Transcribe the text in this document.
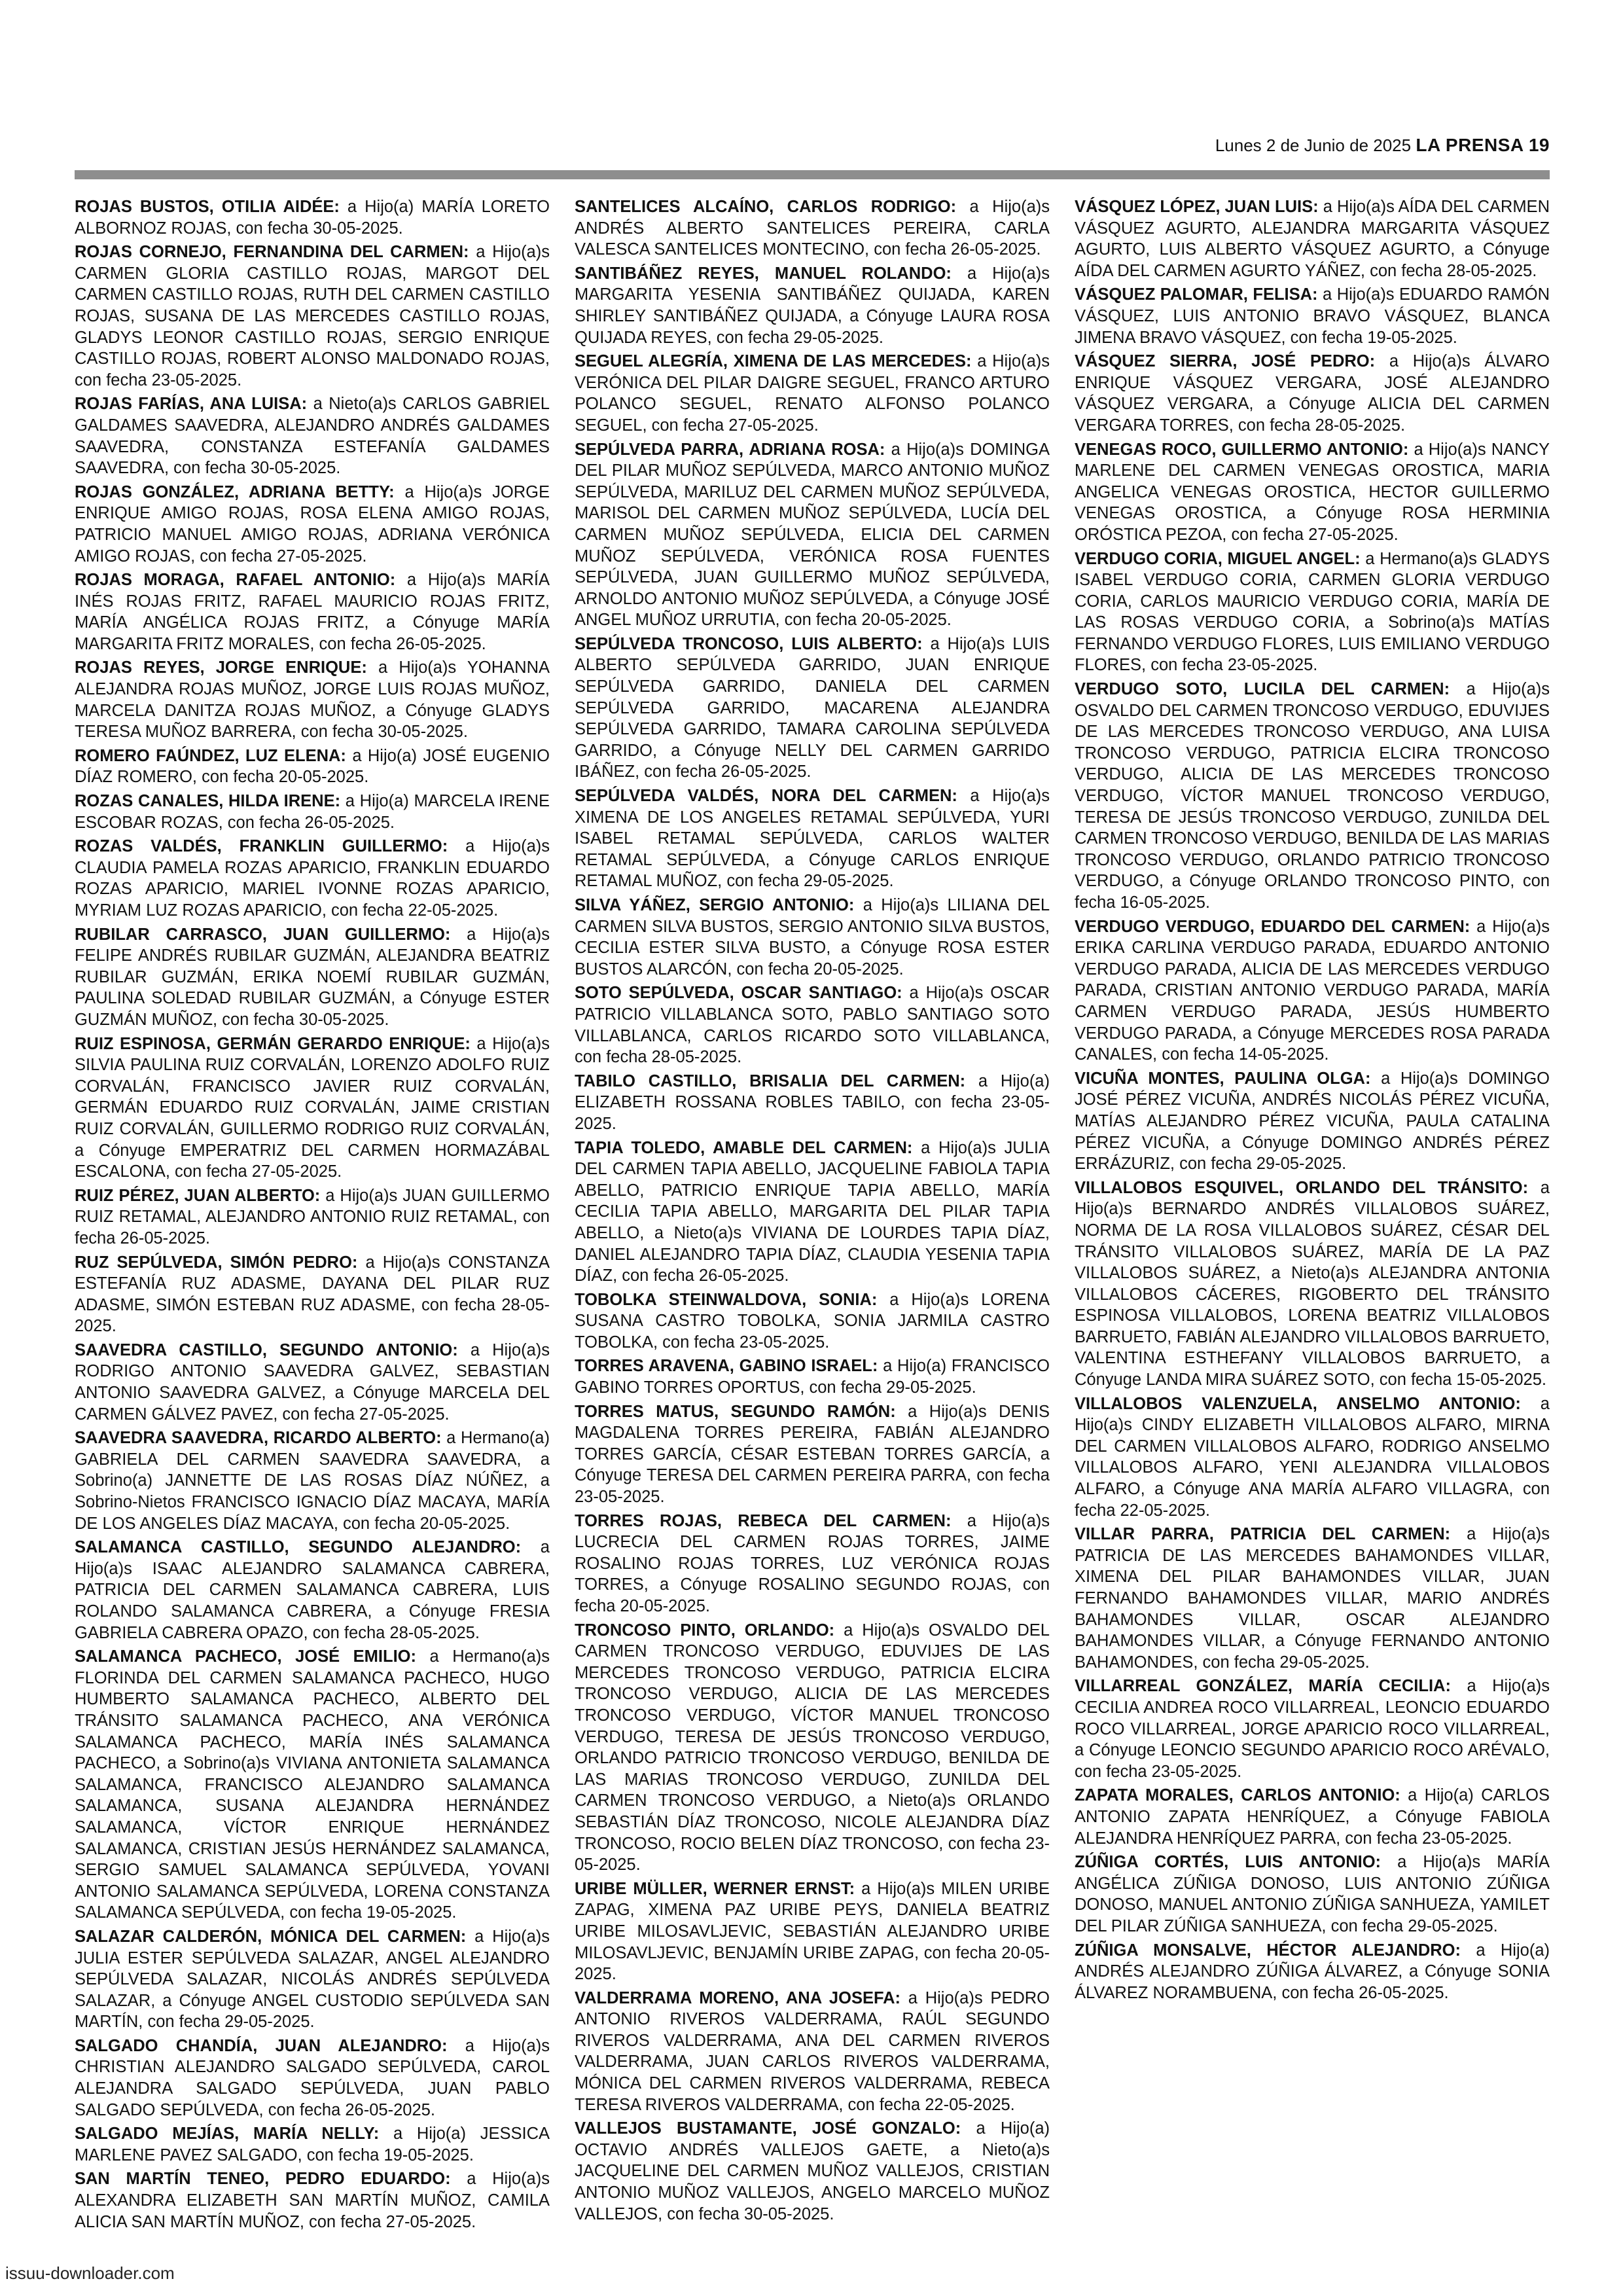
Lunes 2 de Junio de 2025 LA PRENSA 19

ROJAS BUSTOS, OTILIA AIDÉE: a Hijo(a) MARÍA LORETO ALBORNOZ ROJAS, con fecha 30-05-2025.

ROJAS CORNEJO, FERNANDINA DEL CARMEN: a Hijo(a)s CARMEN GLORIA CASTILLO ROJAS, MARGOT DEL CARMEN CASTILLO ROJAS, RUTH DEL CARMEN CASTILLO ROJAS, SUSANA DE LAS MERCEDES CASTILLO ROJAS, GLADYS LEONOR CASTILLO ROJAS, SERGIO ENRIQUE CASTILLO ROJAS, ROBERT ALONSO MALDONADO ROJAS, con fecha 23-05-2025.

ROJAS FARÍAS, ANA LUISA: a Nieto(a)s CARLOS GABRIEL GALDAMES SAAVEDRA, ALEJANDRO ANDRÉS GALDAMES SAAVEDRA, CONSTANZA ESTEFANÍA GALDAMES SAAVEDRA, con fecha 30-05-2025.

ROJAS GONZÁLEZ, ADRIANA BETTY: a Hijo(a)s JORGE ENRIQUE AMIGO ROJAS, ROSA ELENA AMIGO ROJAS, PATRICIO MANUEL AMIGO ROJAS, ADRIANA VERÓNICA AMIGO ROJAS, con fecha 27-05-2025.

ROJAS MORAGA, RAFAEL ANTONIO: a Hijo(a)s MARÍA INÉS ROJAS FRITZ, RAFAEL MAURICIO ROJAS FRITZ, MARÍA ANGÉLICA ROJAS FRITZ, a Cónyuge MARÍA MARGARITA FRITZ MORALES, con fecha 26-05-2025.

ROJAS REYES, JORGE ENRIQUE: a Hijo(a)s YOHANNA ALEJANDRA ROJAS MUÑOZ, JORGE LUIS ROJAS MUÑOZ, MARCELA DANITZA ROJAS MUÑOZ, a Cónyuge GLADYS TERESA MUÑOZ BARRERA, con fecha 30-05-2025.

ROMERO FAÚNDEZ, LUZ ELENA: a Hijo(a) JOSÉ EUGENIO DÍAZ ROMERO, con fecha 20-05-2025.

ROZAS CANALES, HILDA IRENE: a Hijo(a) MARCELA IRENE ESCOBAR ROZAS, con fecha 26-05-2025.

ROZAS VALDÉS, FRANKLIN GUILLERMO: a Hijo(a)s CLAUDIA PAMELA ROZAS APARICIO, FRANKLIN EDUARDO ROZAS APARICIO, MARIEL IVONNE ROZAS APARICIO, MYRIAM LUZ ROZAS APARICIO, con fecha 22-05-2025.

RUBILAR CARRASCO, JUAN GUILLERMO: a Hijo(a)s FELIPE ANDRÉS RUBILAR GUZMÁN, ALEJANDRA BEATRIZ RUBILAR GUZMÁN, ERIKA NOEMÍ RUBILAR GUZMÁN, PAULINA SOLEDAD RUBILAR GUZMÁN, a Cónyuge ESTER GUZMÁN MUÑOZ, con fecha 30-05-2025.

RUIZ ESPINOSA, GERMÁN GERARDO ENRIQUE: a Hijo(a)s SILVIA PAULINA RUIZ CORVALÁN, LORENZO ADOLFO RUIZ CORVALÁN, FRANCISCO JAVIER RUIZ CORVALÁN, GERMÁN EDUARDO RUIZ CORVALÁN, JAIME CRISTIAN RUIZ CORVALÁN, GUILLERMO RODRIGO RUIZ CORVALÁN, a Cónyuge EMPERATRIZ DEL CARMEN HORMAZÁBAL ESCALONA, con fecha 27-05-2025.

RUIZ PÉREZ, JUAN ALBERTO: a Hijo(a)s JUAN GUILLERMO RUIZ RETAMAL, ALEJANDRO ANTONIO RUIZ RETAMAL, con fecha 26-05-2025.

RUZ SEPÚLVEDA, SIMÓN PEDRO: a Hijo(a)s CONSTANZA ESTEFANÍA RUZ ADASME, DAYANA DEL PILAR RUZ ADASME, SIMÓN ESTEBAN RUZ ADASME, con fecha 28-05-2025.

SAAVEDRA CASTILLO, SEGUNDO ANTONIO: a Hijo(a)s RODRIGO ANTONIO SAAVEDRA GALVEZ, SEBASTIAN ANTONIO SAAVEDRA GALVEZ, a Cónyuge MARCELA DEL CARMEN GÁLVEZ PAVEZ, con fecha 27-05-2025.

SAAVEDRA SAAVEDRA, RICARDO ALBERTO: a Hermano(a) GABRIELA DEL CARMEN SAAVEDRA SAAVEDRA, a Sobrino(a) JANNETTE DE LAS ROSAS DÍAZ NÚÑEZ, a Sobrino-Nietos FRANCISCO IGNACIO DÍAZ MACAYA, MARÍA DE LOS ANGELES DÍAZ MACAYA, con fecha 20-05-2025.

SALAMANCA CASTILLO, SEGUNDO ALEJANDRO: a Hijo(a)s ISAAC ALEJANDRO SALAMANCA CABRERA, PATRICIA DEL CARMEN SALAMANCA CABRERA, LUIS ROLANDO SALAMANCA CABRERA, a Cónyuge FRESIA GABRIELA CABRERA OPAZO, con fecha 28-05-2025.

SALAMANCA PACHECO, JOSÉ EMILIO: a Hermano(a)s FLORINDA DEL CARMEN SALAMANCA PACHECO, HUGO HUMBERTO SALAMANCA PACHECO, ALBERTO DEL TRÁNSITO SALAMANCA PACHECO, ANA VERÓNICA SALAMANCA PACHECO, MARÍA INÉS SALAMANCA PACHECO, a Sobrino(a)s VIVIANA ANTONIETA SALAMANCA SALAMANCA, FRANCISCO ALEJANDRO SALAMANCA SALAMANCA, SUSANA ALEJANDRA HERNÁNDEZ SALAMANCA, VÍCTOR ENRIQUE HERNÁNDEZ SALAMANCA, CRISTIAN JESÚS HERNÁNDEZ SALAMANCA, SERGIO SAMUEL SALAMANCA SEPÚLVEDA, YOVANI ANTONIO SALAMANCA SEPÚLVEDA, LORENA CONSTANZA SALAMANCA SEPÚLVEDA, con fecha 19-05-2025.

SALAZAR CALDERÓN, MÓNICA DEL CARMEN: a Hijo(a)s JULIA ESTER SEPÚLVEDA SALAZAR, ANGEL ALEJANDRO SEPÚLVEDA SALAZAR, NICOLÁS ANDRÉS SEPÚLVEDA SALAZAR, a Cónyuge ANGEL CUSTODIO SEPÚLVEDA SAN MARTÍN, con fecha 29-05-2025.

SALGADO CHANDÍA, JUAN ALEJANDRO: a Hijo(a)s CHRISTIAN ALEJANDRO SALGADO SEPÚLVEDA, CAROL ALEJANDRA SALGADO SEPÚLVEDA, JUAN PABLO SALGADO SEPÚLVEDA, con fecha 26-05-2025.

SALGADO MEJÍAS, MARÍA NELLY: a Hijo(a) JESSICA MARLENE PAVEZ SALGADO, con fecha 19-05-2025.

SAN MARTÍN TENEO, PEDRO EDUARDO: a Hijo(a)s ALEXANDRA ELIZABETH SAN MARTÍN MUÑOZ, CAMILA ALICIA SAN MARTÍN MUÑOZ, con fecha 27-05-2025.

SANTELICES ALCAÍNO, CARLOS RODRIGO: a Hijo(a)s ANDRÉS ALBERTO SANTELICES PEREIRA, CARLA VALESCA SANTELICES MONTECINO, con fecha 26-05-2025.

SANTIBÁÑEZ REYES, MANUEL ROLANDO: a Hijo(a)s MARGARITA YESENIA SANTIBÁÑEZ QUIJADA, KAREN SHIRLEY SANTIBÁÑEZ QUIJADA, a Cónyuge LAURA ROSA QUIJADA REYES, con fecha 29-05-2025.

SEGUEL ALEGRÍA, XIMENA DE LAS MERCEDES: a Hijo(a)s VERÓNICA DEL PILAR DAIGRE SEGUEL, FRANCO ARTURO POLANCO SEGUEL, RENATO ALFONSO POLANCO SEGUEL, con fecha 27-05-2025.

SEPÚLVEDA PARRA, ADRIANA ROSA: a Hijo(a)s DOMINGA DEL PILAR MUÑOZ SEPÚLVEDA, MARCO ANTONIO MUÑOZ SEPÚLVEDA, MARILUZ DEL CARMEN MUÑOZ SEPÚLVEDA, MARISOL DEL CARMEN MUÑOZ SEPÚLVEDA, LUCÍA DEL CARMEN MUÑOZ SEPÚLVEDA, ELICIA DEL CARMEN MUÑOZ SEPÚLVEDA, VERÓNICA ROSA FUENTES SEPÚLVEDA, JUAN GUILLERMO MUÑOZ SEPÚLVEDA, ARNOLDO ANTONIO MUÑOZ SEPÚLVEDA, a Cónyuge JOSÉ ANGEL MUÑOZ URRUTIA, con fecha 20-05-2025.

SEPÚLVEDA TRONCOSO, LUIS ALBERTO: a Hijo(a)s LUIS ALBERTO SEPÚLVEDA GARRIDO, JUAN ENRIQUE SEPÚLVEDA GARRIDO, DANIELA DEL CARMEN SEPÚLVEDA GARRIDO, MACARENA ALEJANDRA SEPÚLVEDA GARRIDO, TAMARA CAROLINA SEPÚLVEDA GARRIDO, a Cónyuge NELLY DEL CARMEN GARRIDO IBÁÑEZ, con fecha 26-05-2025.

SEPÚLVEDA VALDÉS, NORA DEL CARMEN: a Hijo(a)s XIMENA DE LOS ANGELES RETAMAL SEPÚLVEDA, YURI ISABEL RETAMAL SEPÚLVEDA, CARLOS WALTER RETAMAL SEPÚLVEDA, a Cónyuge CARLOS ENRIQUE RETAMAL MUÑOZ, con fecha 29-05-2025.

SILVA YÁÑEZ, SERGIO ANTONIO: a Hijo(a)s LILIANA DEL CARMEN SILVA BUSTOS, SERGIO ANTONIO SILVA BUSTOS, CECILIA ESTER SILVA BUSTO, a Cónyuge ROSA ESTER BUSTOS ALARCÓN, con fecha 20-05-2025.

SOTO SEPÚLVEDA, OSCAR SANTIAGO: a Hijo(a)s OSCAR PATRICIO VILLABLANCA SOTO, PABLO SANTIAGO SOTO VILLABLANCA, CARLOS RICARDO SOTO VILLABLANCA, con fecha 28-05-2025.

TABILO CASTILLO, BRISALIA DEL CARMEN: a Hijo(a) ELIZABETH ROSSANA ROBLES TABILO, con fecha 23-05-2025.

TAPIA TOLEDO, AMABLE DEL CARMEN: a Hijo(a)s JULIA DEL CARMEN TAPIA ABELLO, JACQUELINE FABIOLA TAPIA ABELLO, PATRICIO ENRIQUE TAPIA ABELLO, MARÍA CECILIA TAPIA ABELLO, MARGARITA DEL PILAR TAPIA ABELLO, a Nieto(a)s VIVIANA DE LOURDES TAPIA DÍAZ, DANIEL ALEJANDRO TAPIA DÍAZ, CLAUDIA YESENIA TAPIA DÍAZ, con fecha 26-05-2025.

TOBOLKA STEINWALDOVA, SONIA: a Hijo(a)s LORENA SUSANA CASTRO TOBOLKA, SONIA JARMILA CASTRO TOBOLKA, con fecha 23-05-2025.

TORRES ARAVENA, GABINO ISRAEL: a Hijo(a) FRANCISCO GABINO TORRES OPORTUS, con fecha 29-05-2025.

TORRES MATUS, SEGUNDO RAMÓN: a Hijo(a)s DENIS MAGDALENA TORRES PEREIRA, FABIÁN ALEJANDRO TORRES GARCÍA, CÉSAR ESTEBAN TORRES GARCÍA, a Cónyuge TERESA DEL CARMEN PEREIRA PARRA, con fecha 23-05-2025.

TORRES ROJAS, REBECA DEL CARMEN: a Hijo(a)s LUCRECIA DEL CARMEN ROJAS TORRES, JAIME ROSALINO ROJAS TORRES, LUZ VERÓNICA ROJAS TORRES, a Cónyuge ROSALINO SEGUNDO ROJAS, con fecha 20-05-2025.

TRONCOSO PINTO, ORLANDO: a Hijo(a)s OSVALDO DEL CARMEN TRONCOSO VERDUGO, EDUVIJES DE LAS MERCEDES TRONCOSO VERDUGO, PATRICIA ELCIRA TRONCOSO VERDUGO, ALICIA DE LAS MERCEDES TRONCOSO VERDUGO, VÍCTOR MANUEL TRONCOSO VERDUGO, TERESA DE JESÚS TRONCOSO VERDUGO, ORLANDO PATRICIO TRONCOSO VERDUGO, BENILDA DE LAS MARIAS TRONCOSO VERDUGO, ZUNILDA DEL CARMEN TRONCOSO VERDUGO, a Nieto(a)s ORLANDO SEBASTIÁN DÍAZ TRONCOSO, NICOLE ALEJANDRA DÍAZ TRONCOSO, ROCIO BELEN DÍAZ TRONCOSO, con fecha 23-05-2025.

URIBE MÜLLER, WERNER ERNST: a Hijo(a)s MILEN URIBE ZAPAG, XIMENA PAZ URIBE PEYS, DANIELA BEATRIZ URIBE MILOSAVLJEVIC, SEBASTIÁN ALEJANDRO URIBE MILOSAVLJEVIC, BENJAMÍN URIBE ZAPAG, con fecha 20-05-2025.

VALDERRAMA MORENO, ANA JOSEFA: a Hijo(a)s PEDRO ANTONIO RIVEROS VALDERRAMA, RAÚL SEGUNDO RIVEROS VALDERRAMA, ANA DEL CARMEN RIVEROS VALDERRAMA, JUAN CARLOS RIVEROS VALDERRAMA, MÓNICA DEL CARMEN RIVEROS VALDERRAMA, REBECA TERESA RIVEROS VALDERRAMA, con fecha 22-05-2025.

VALLEJOS BUSTAMANTE, JOSÉ GONZALO: a Hijo(a) OCTAVIO ANDRÉS VALLEJOS GAETE, a Nieto(a)s JACQUELINE DEL CARMEN MUÑOZ VALLEJOS, CRISTIAN ANTONIO MUÑOZ VALLEJOS, ANGELO MARCELO MUÑOZ VALLEJOS, con fecha 30-05-2025.

VÁSQUEZ LÓPEZ, JUAN LUIS: a Hijo(a)s AÍDA DEL CARMEN VÁSQUEZ AGURTO, ALEJANDRA MARGARITA VÁSQUEZ AGURTO, LUIS ALBERTO VÁSQUEZ AGURTO, a Cónyuge AÍDA DEL CARMEN AGURTO YÁÑEZ, con fecha 28-05-2025.

VÁSQUEZ PALOMAR, FELISA: a Hijo(a)s EDUARDO RAMÓN VÁSQUEZ, LUIS ANTONIO BRAVO VÁSQUEZ, BLANCA JIMENA BRAVO VÁSQUEZ, con fecha 19-05-2025.

VÁSQUEZ SIERRA, JOSÉ PEDRO: a Hijo(a)s ÁLVARO ENRIQUE VÁSQUEZ VERGARA, JOSÉ ALEJANDRO VÁSQUEZ VERGARA, a Cónyuge ALICIA DEL CARMEN VERGARA TORRES, con fecha 28-05-2025.

VENEGAS ROCO, GUILLERMO ANTONIO: a Hijo(a)s NANCY MARLENE DEL CARMEN VENEGAS OROSTICA, MARIA ANGELICA VENEGAS OROSTICA, HECTOR GUILLERMO VENEGAS OROSTICA, a Cónyuge ROSA HERMINIA ORÓSTICA PEZOA, con fecha 27-05-2025.

VERDUGO CORIA, MIGUEL ANGEL: a Hermano(a)s GLADYS ISABEL VERDUGO CORIA, CARMEN GLORIA VERDUGO CORIA, CARLOS MAURICIO VERDUGO CORIA, MARÍA DE LAS ROSAS VERDUGO CORIA, a Sobrino(a)s MATÍAS FERNANDO VERDUGO FLORES, LUIS EMILIANO VERDUGO FLORES, con fecha 23-05-2025.

VERDUGO SOTO, LUCILA DEL CARMEN: a Hijo(a)s OSVALDO DEL CARMEN TRONCOSO VERDUGO, EDUVIJES DE LAS MERCEDES TRONCOSO VERDUGO, ANA LUISA TRONCOSO VERDUGO, PATRICIA ELCIRA TRONCOSO VERDUGO, ALICIA DE LAS MERCEDES TRONCOSO VERDUGO, VÍCTOR MANUEL TRONCOSO VERDUGO, TERESA DE JESÚS TRONCOSO VERDUGO, ZUNILDA DEL CARMEN TRONCOSO VERDUGO, BENILDA DE LAS MARIAS TRONCOSO VERDUGO, ORLANDO PATRICIO TRONCOSO VERDUGO, a Cónyuge ORLANDO TRONCOSO PINTO, con fecha 16-05-2025.

VERDUGO VERDUGO, EDUARDO DEL CARMEN: a Hijo(a)s ERIKA CARLINA VERDUGO PARADA, EDUARDO ANTONIO VERDUGO PARADA, ALICIA DE LAS MERCEDES VERDUGO PARADA, CRISTIAN ANTONIO VERDUGO PARADA, MARÍA CARMEN VERDUGO PARADA, JESÚS HUMBERTO VERDUGO PARADA, a Cónyuge MERCEDES ROSA PARADA CANALES, con fecha 14-05-2025.

VICUÑA MONTES, PAULINA OLGA: a Hijo(a)s DOMINGO JOSÉ PÉREZ VICUÑA, ANDRÉS NICOLÁS PÉREZ VICUÑA, MATÍAS ALEJANDRO PÉREZ VICUÑA, PAULA CATALINA PÉREZ VICUÑA, a Cónyuge DOMINGO ANDRÉS PÉREZ ERRÁZURIZ, con fecha 29-05-2025.

VILLALOBOS ESQUIVEL, ORLANDO DEL TRÁNSITO: a Hijo(a)s BERNARDO ANDRÉS VILLALOBOS SUÁREZ, NORMA DE LA ROSA VILLALOBOS SUÁREZ, CÉSAR DEL TRÁNSITO VILLALOBOS SUÁREZ, MARÍA DE LA PAZ VILLALOBOS SUÁREZ, a Nieto(a)s ALEJANDRA ANTONIA VILLALOBOS CÁCERES, RIGOBERTO DEL TRÁNSITO ESPINOSA VILLALOBOS, LORENA BEATRIZ VILLALOBOS BARRUETO, FABIÁN ALEJANDRO VILLALOBOS BARRUETO, VALENTINA ESTHEFANY VILLALOBOS BARRUETO, a Cónyuge LANDA MIRA SUÁREZ SOTO, con fecha 15-05-2025.

VILLALOBOS VALENZUELA, ANSELMO ANTONIO: a Hijo(a)s CINDY ELIZABETH VILLALOBOS ALFARO, MIRNA DEL CARMEN VILLALOBOS ALFARO, RODRIGO ANSELMO VILLALOBOS ALFARO, YENI ALEJANDRA VILLALOBOS ALFARO, a Cónyuge ANA MARÍA ALFARO VILLAGRA, con fecha 22-05-2025.

VILLAR PARRA, PATRICIA DEL CARMEN: a Hijo(a)s PATRICIA DE LAS MERCEDES BAHAMONDES VILLAR, XIMENA DEL PILAR BAHAMONDES VILLAR, JUAN FERNANDO BAHAMONDES VILLAR, MARIO ANDRÉS BAHAMONDES VILLAR, OSCAR ALEJANDRO BAHAMONDES VILLAR, a Cónyuge FERNANDO ANTONIO BAHAMONDES, con fecha 29-05-2025.

VILLARREAL GONZÁLEZ, MARÍA CECILIA: a Hijo(a)s CECILIA ANDREA ROCO VILLARREAL, LEONCIO EDUARDO ROCO VILLARREAL, JORGE APARICIO ROCO VILLARREAL, a Cónyuge LEONCIO SEGUNDO APARICIO ROCO ARÉVALO, con fecha 23-05-2025.

ZAPATA MORALES, CARLOS ANTONIO: a Hijo(a) CARLOS ANTONIO ZAPATA HENRÍQUEZ, a Cónyuge FABIOLA ALEJANDRA HENRÍQUEZ PARRA, con fecha 23-05-2025.

ZÚÑIGA CORTÉS, LUIS ANTONIO: a Hijo(a)s MARÍA ANGÉLICA ZÚÑIGA DONOSO, LUIS ANTONIO ZÚÑIGA DONOSO, MANUEL ANTONIO ZÚÑIGA SANHUEZA, YAMILET DEL PILAR ZÚÑIGA SANHUEZA, con fecha 29-05-2025.

ZÚÑIGA MONSALVE, HÉCTOR ALEJANDRO: a Hijo(a) ANDRÉS ALEJANDRO ZÚÑIGA ÁLVAREZ, a Cónyuge SONIA ÁLVAREZ NORAMBUENA, con fecha 26-05-2025.

issuu-downloader.com
